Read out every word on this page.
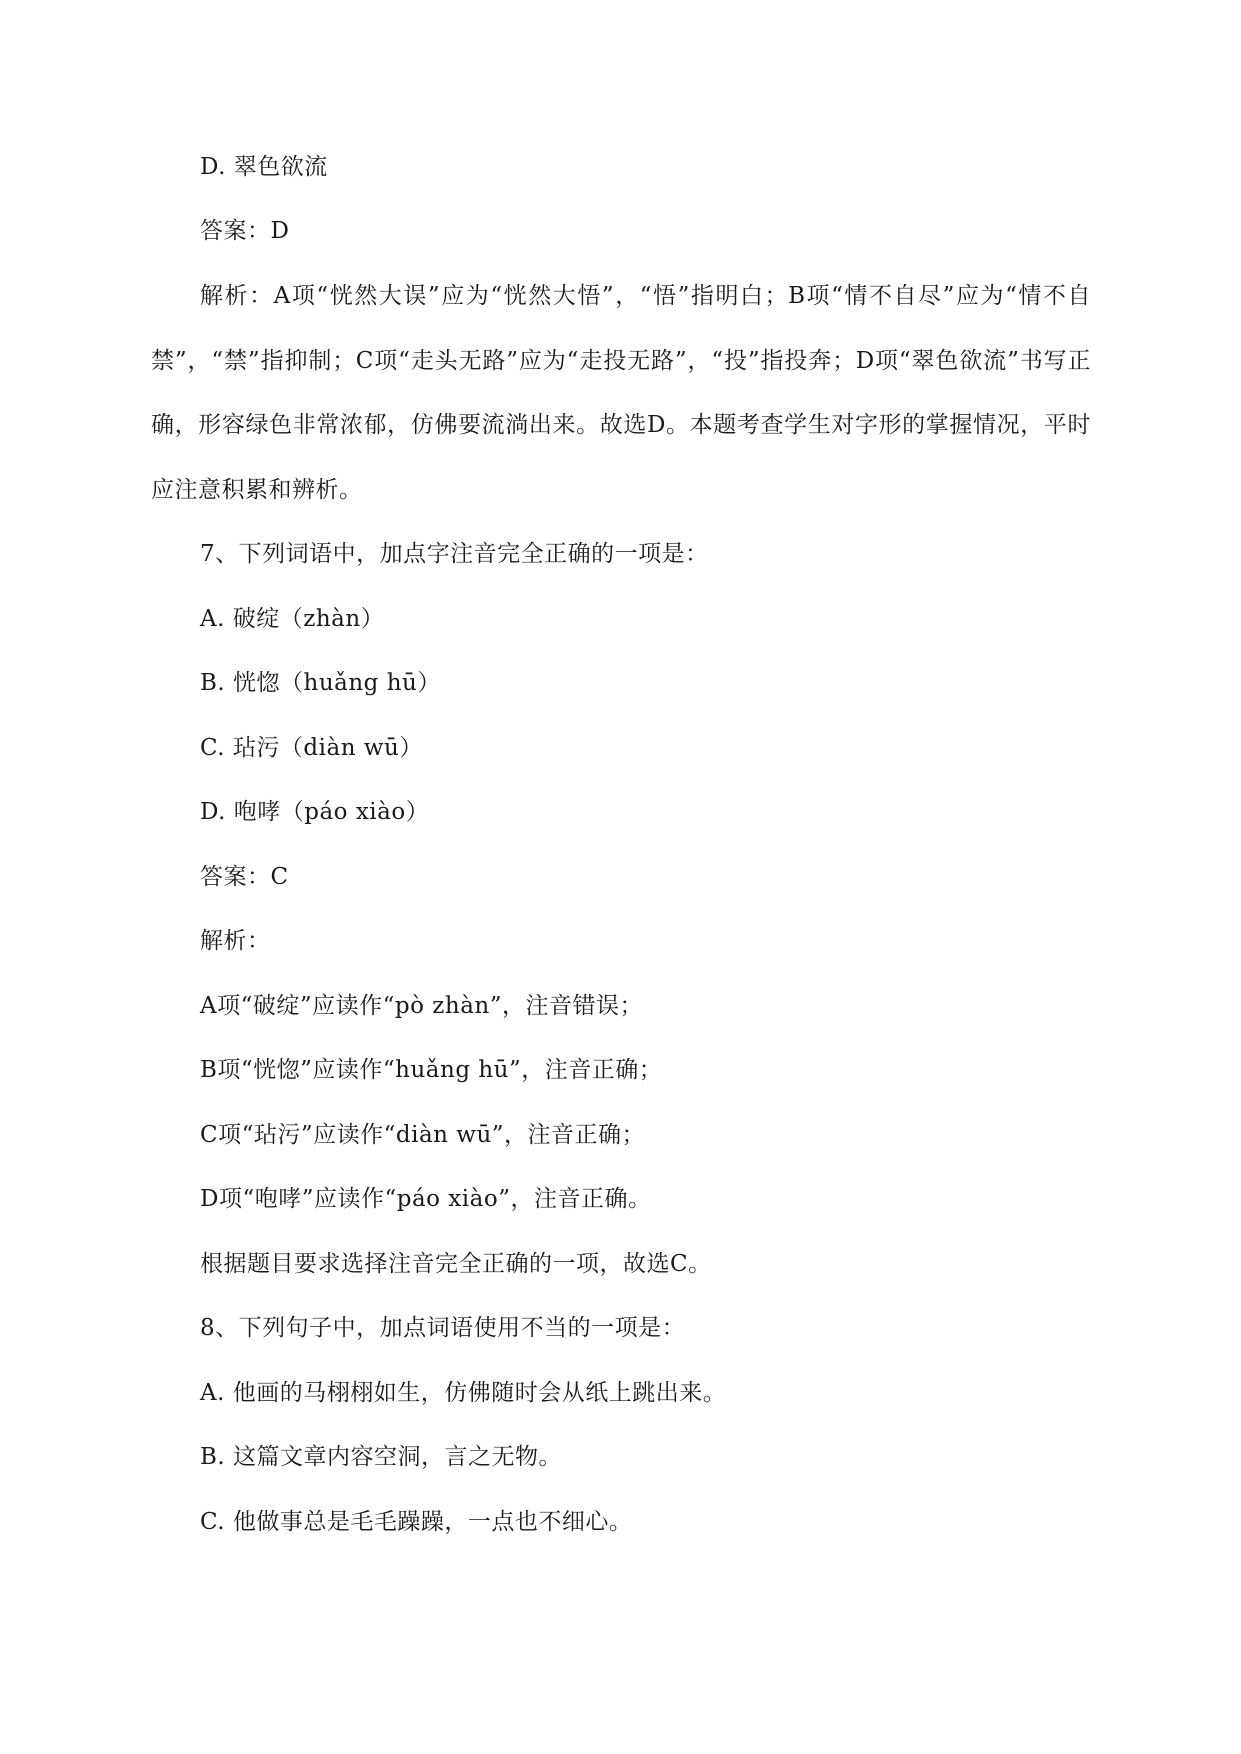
D. 翠色欲流
答案：D
解析：A项“恍然大误”应为“恍然大悟”，“悟”指明白；B项“情不自尽”应为“情不自禁”，“禁”指抑制；C项“走头无路”应为“走投无路”，“投”指投奔；D项“翠色欲流”书写正确，形容绿色非常浓郁，仿佛要流淌出来。故选D。本题考查学生对字形的掌握情况，平时应注意积累和辨析。
7、下列词语中，加点字注音完全正确的一项是：
A. 破绽（zhàn）
B. 恍惚（huǎng hū）
C. 玷污（diàn wū）
D. 咆哮（páo xiào）
答案：C
解析：
A项“破绽”应读作“pò zhàn”，注音错误；
B项“恍惚”应读作“huǎng hū”，注音正确；
C项“玷污”应读作“diàn wū”，注音正确；
D项“咆哮”应读作“páo xiào”，注音正确。
根据题目要求选择注音完全正确的一项，故选C。
8、下列句子中，加点词语使用不当的一项是：
A. 他画的马栩栩如生，仿佛随时会从纸上跳出来。
B. 这篇文章内容空洞，言之无物。
C. 他做事总是毛毛躁躁，一点也不细心。
